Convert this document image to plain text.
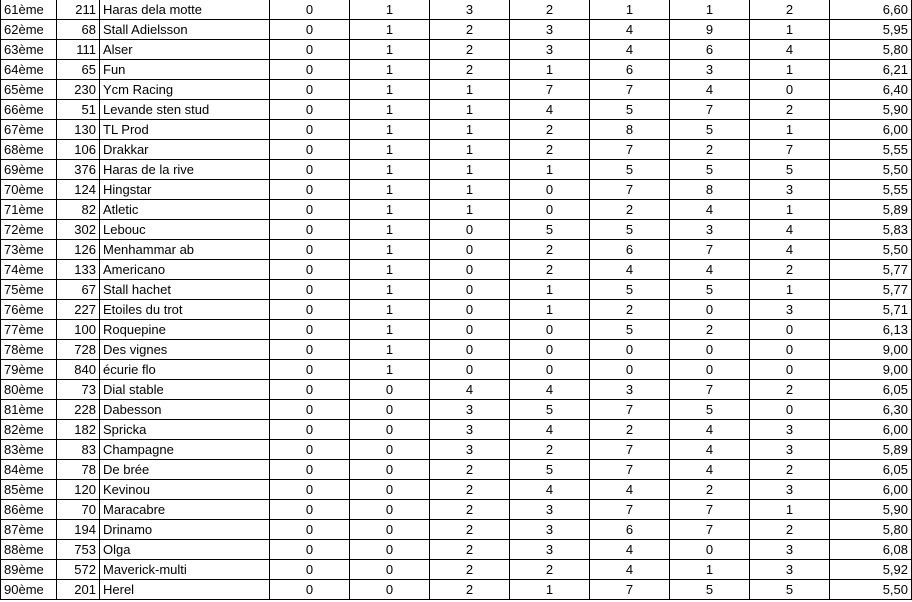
61ème	211	Haras dela motte	0	1	3	2	1	1	2	6,60
62ème	68	Stall Adielsson	0	1	2	3	4	9	1	5,95
63ème	111	Alser	0	1	2	3	4	6	4	5,80
64ème	65	Fun	0	1	2	1	6	3	1	6,21
65ème	230	Ycm Racing	0	1	1	7	7	4	0	6,40
66ème	51	Levande sten stud	0	1	1	4	5	7	2	5,90
67ème	130	TL Prod	0	1	1	2	8	5	1	6,00
68ème	106	Drakkar	0	1	1	2	7	2	7	5,55
69ème	376	Haras de la rive	0	1	1	1	5	5	5	5,50
70ème	124	Hingstar	0	1	1	0	7	8	3	5,55
71ème	82	Atletic	0	1	1	0	2	4	1	5,89
72ème	302	Lebouc	0	1	0	5	5	3	4	5,83
73ème	126	Menhammar ab	0	1	0	2	6	7	4	5,50
74ème	133	Americano	0	1	0	2	4	4	2	5,77
75ème	67	Stall hachet	0	1	0	1	5	5	1	5,77
76ème	227	Etoiles du trot	0	1	0	1	2	0	3	5,71
77ème	100	Roquepine	0	1	0	0	5	2	0	6,13
78ème	728	Des vignes	0	1	0	0	0	0	0	9,00
79ème	840	écurie flo	0	1	0	0	0	0	0	9,00
80ème	73	Dial stable	0	0	4	4	3	7	2	6,05
81ème	228	Dabesson	0	0	3	5	7	5	0	6,30
82ème	182	Spricka	0	0	3	4	2	4	3	6,00
83ème	83	Champagne	0	0	3	2	7	4	3	5,89
84ème	78	De brée	0	0	2	5	7	4	2	6,05
85ème	120	Kevinou	0	0	2	4	4	2	3	6,00
86ème	70	Maracabre	0	0	2	3	7	7	1	5,90
87ème	194	Drinamo	0	0	2	3	6	7	2	5,80
88ème	753	Olga	0	0	2	3	4	0	3	6,08
89ème	572	Maverick-multi	0	0	2	2	4	1	3	5,92
90ème	201	Herel	0	0	2	1	7	5	5	5,50
